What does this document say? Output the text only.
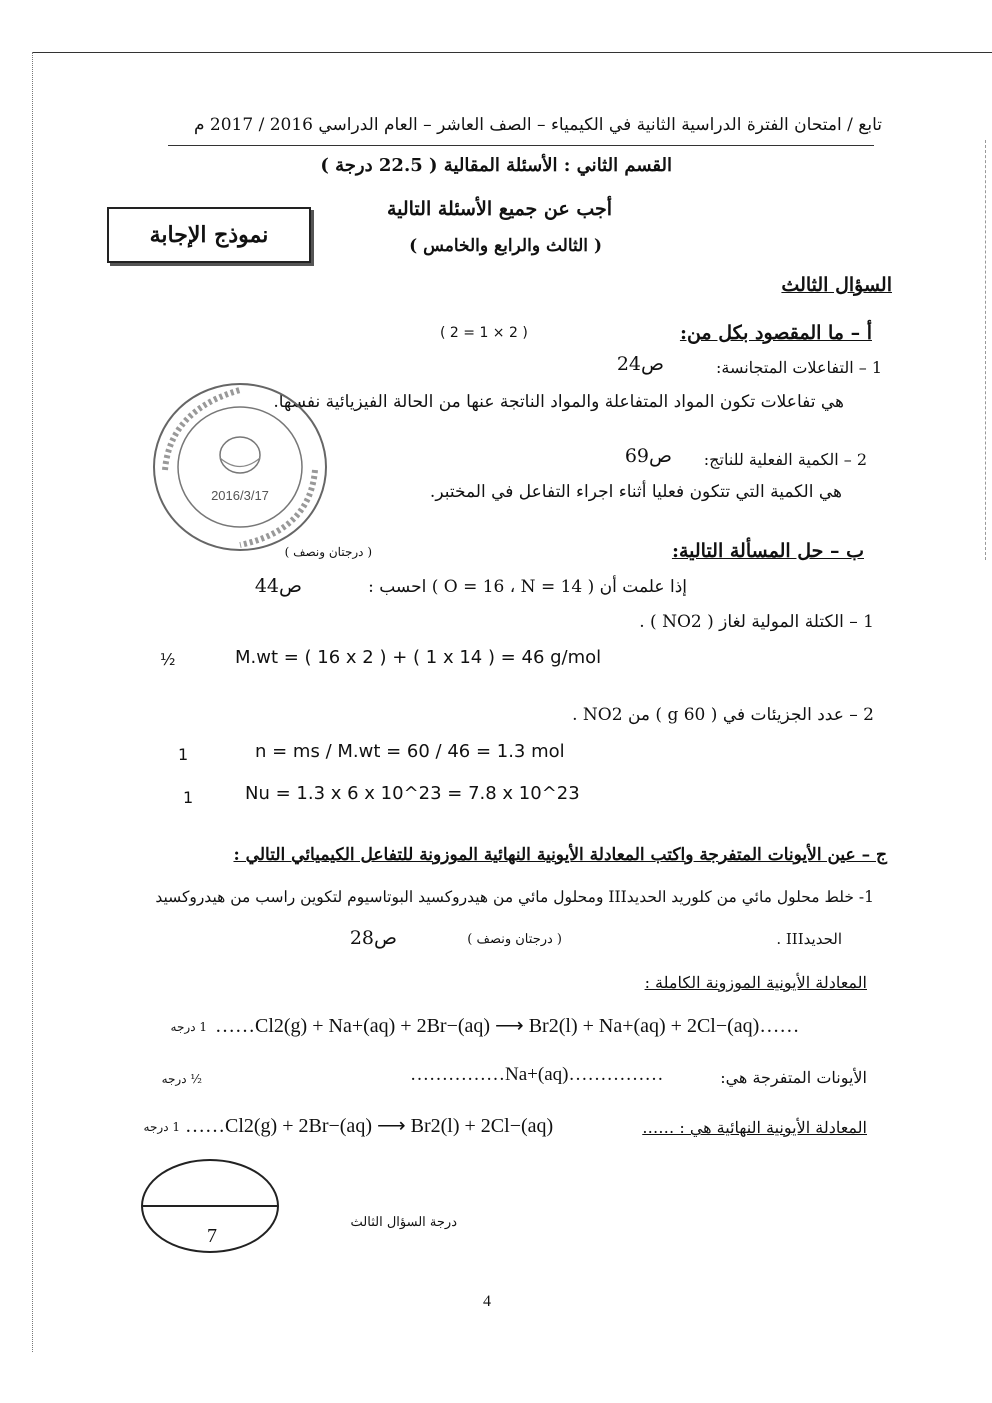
تابع / امتحان الفترة الدراسية الثانية في الكيمياء – الصف العاشر – العام الدراسي 2016 / 2017 م
القسم الثاني : الأسئلة المقالية ( 22.5 درجة )
أجب عن جميع الأسئلة التالية
( الثالث والرابع والخامس )
نموذج الإجابة
السؤال الثالث
أ – ما المقصود بكل من:
( 2 = 1 × 2 )
1 – التفاعلات المتجانسة:
ص24
هي تفاعلات تكون المواد المتفاعلة والمواد الناتجة عنها من الحالة الفيزيائية نفسها.
2 – الكمية الفعلية للناتج:
ص69
هي الكمية التي تتكون فعليا أثناء اجراء التفاعل في المختبر.
2016/3/17
ب – حل المسألة التالية:
( درجتان ونصف )
إذا علمت أن ( O = 16 ، N = 14 ) احسب :
ص44
1 – الكتلة المولية لغاز ( NO2 ) .
½	M.wt = ( 16 x 2 ) + ( 1 x 14 ) = 46 g/mol
2 – عدد الجزيئات في ( 60 g ) من NO2 .
1	n = ms / M.wt = 60 / 46 = 1.3 mol
1	Nu = 1.3 x 6 x 10^23 = 7.8 x 10^23
ج – عين الأيونات المتفرجة واكتب المعادلة الأيونية النهائية الموزونة للتفاعل الكيميائي التالي :
1- خلط محلول مائي من كلوريد الحديدIII ومحلول مائي من هيدروكسيد البوتاسيوم لتكوين راسب من هيدروكسيد
الحديدIII .
( درجتان ونصف )
ص28
المعادلة الأيونية الموزونة الكاملة :
……Cl2(g) + Na+(aq) + 2Br−(aq) ⟶ Br2(l) + Na+(aq) + 2Cl−(aq)……
1 درجه
الأيونات المتفرجة هي:
……………Na+(aq)……………
½ درجه
المعادلة الأيونية النهائية هي : ……
……Cl2(g) + 2Br−(aq) ⟶ Br2(l) + 2Cl−(aq)
1 درجه
7
درجة السؤال الثالث
4
